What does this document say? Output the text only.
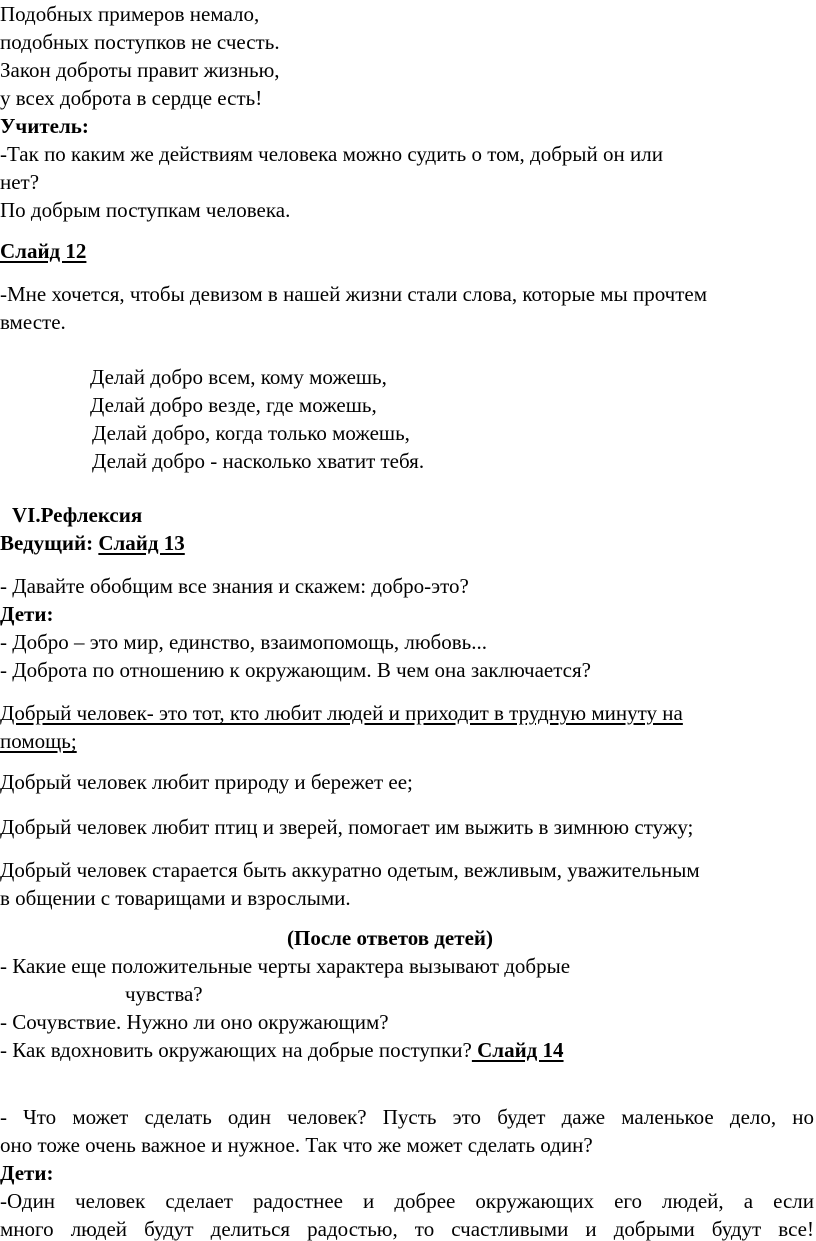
Подобных примеров немало,
подобных поступков не счесть.
Закон доброты правит жизнью,
у всех доброта в сердце есть!
Учитель:
-Так по каким же действиям человека можно судить о том, добрый он или
нет?
По добрым поступкам человека.
Слайд 12
-Мне хочется, чтобы девизом в нашей жизни стали слова, которые мы прочтем
вместе.
Делай добро всем, кому можешь,
Делай добро везде, где можешь,
Делай добро, когда только можешь,
Делай добро - насколько хватит тебя.
VI.Рефлексия
Ведущий: Слайд 13
- Давайте обобщим все знания и скажем: добро-это?
Дети:
- Добро – это мир, единство, взаимопомощь, любовь...
- Доброта по отношению к окружающим. В чем она заключается?
Добрый человек- это тот, кто любит людей и приходит в трудную минуту на
помощь;
Добрый человек любит природу и бережет ее;
Добрый человек любит птиц и зверей, помогает им выжить в зимнюю стужу;
Добрый человек старается быть аккуратно одетым, вежливым, уважительным
в общении с товарищами и взрослыми.
(После ответов детей)
- Какие еще положительные черты характера вызывают добрые
чувства?
- Сочувствие. Нужно ли оно окружающим?
- Как вдохновить окружающих на добрые поступки? Слайд 14
- Что может сделать один человек? Пусть это будет даже маленькое дело, но
оно тоже очень важное и нужное. Так что же может сделать один?
Дети:
-Один человек сделает радостнее и добрее окружающих его людей, а если
много людей будут делиться радостью, то счастливыми и добрыми будут все!
